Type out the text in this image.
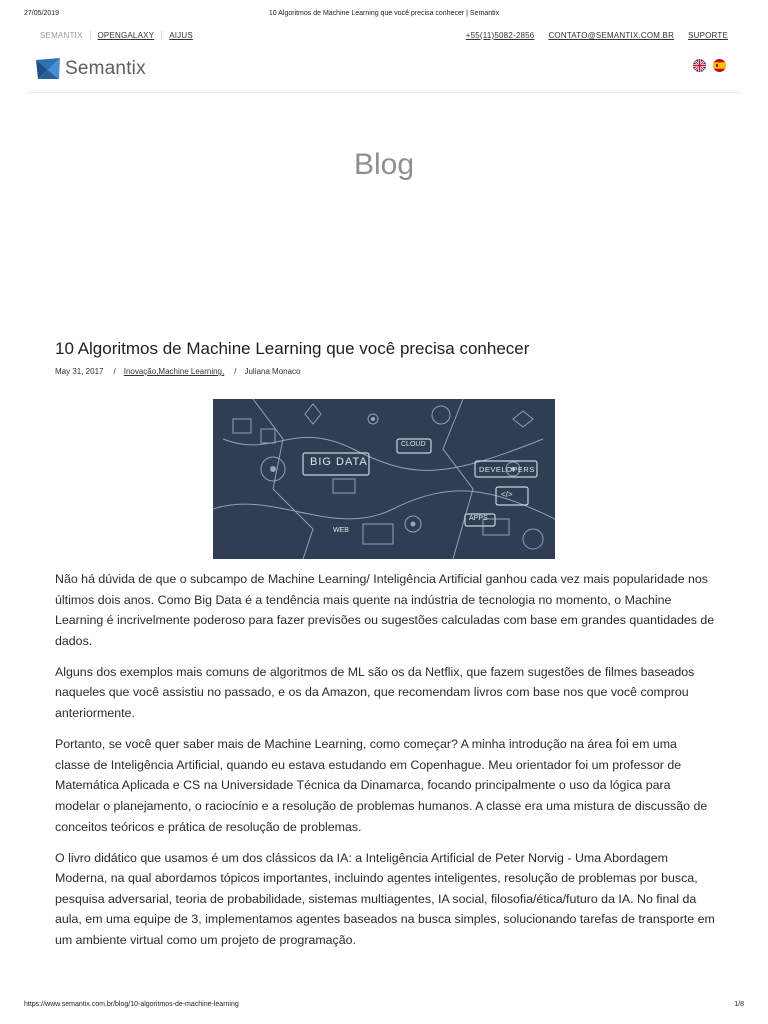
27/05/2019	10 Algoritmos de Machine Learning que você precisa conhecer | Semantix
SEMANTIX OPENGALAXY AIJUS	+55(11)5082-2856 CONTATO@SEMANTIX.COM.BR SUPORTE
Semantix
Blog
10 Algoritmos de Machine Learning que você precisa conhecer
May 31, 2017 / Inovação,Machine Learning, / Juliana Monaco
BIG DATA
CLOUD
DEVELOPERS
</>
APPS
WEB

Não há dúvida de que o subcampo de Machine Learning/ Inteligência Artificial ganhou cada vez mais popularidade nos últimos dois anos. Como Big Data é a tendência mais quente na indústria de tecnologia no momento, o Machine Learning é incrivelmente poderoso para fazer previsões ou sugestões calculadas com base em grandes quantidades de dados.

Alguns dos exemplos mais comuns de algoritmos de ML são os da Netflix, que fazem sugestões de filmes baseados naqueles que você assistiu no passado, e os da Amazon, que recomendam livros com base nos que você comprou anteriormente.

Portanto, se você quer saber mais de Machine Learning, como começar? A minha introdução na área foi em uma classe de Inteligência Artificial, quando eu estava estudando em Copenhague. Meu orientador foi um professor de Matemática Aplicada e CS na Universidade Técnica da Dinamarca, focando principalmente o uso da lógica para modelar o planejamento, o raciocínio e a resolução de problemas humanos. A classe era uma mistura de discussão de conceitos teóricos e prática de resolução de problemas.

O livro didático que usamos é um dos clássicos da IA: a Inteligência Artificial de Peter Norvig - Uma Abordagem Moderna, na qual abordamos tópicos importantes, incluindo agentes inteligentes, resolução de problemas por busca, pesquisa adversarial, teoria de probabilidade, sistemas multiagentes, IA social, filosofia/ética/futuro da IA. No final da aula, em uma equipe de 3, implementamos agentes baseados na busca simples, solucionando tarefas de transporte em um ambiente virtual como um projeto de programação.

https://www.semantix.com.br/blog/10-algoritmos-de-machine-learning	1/8
